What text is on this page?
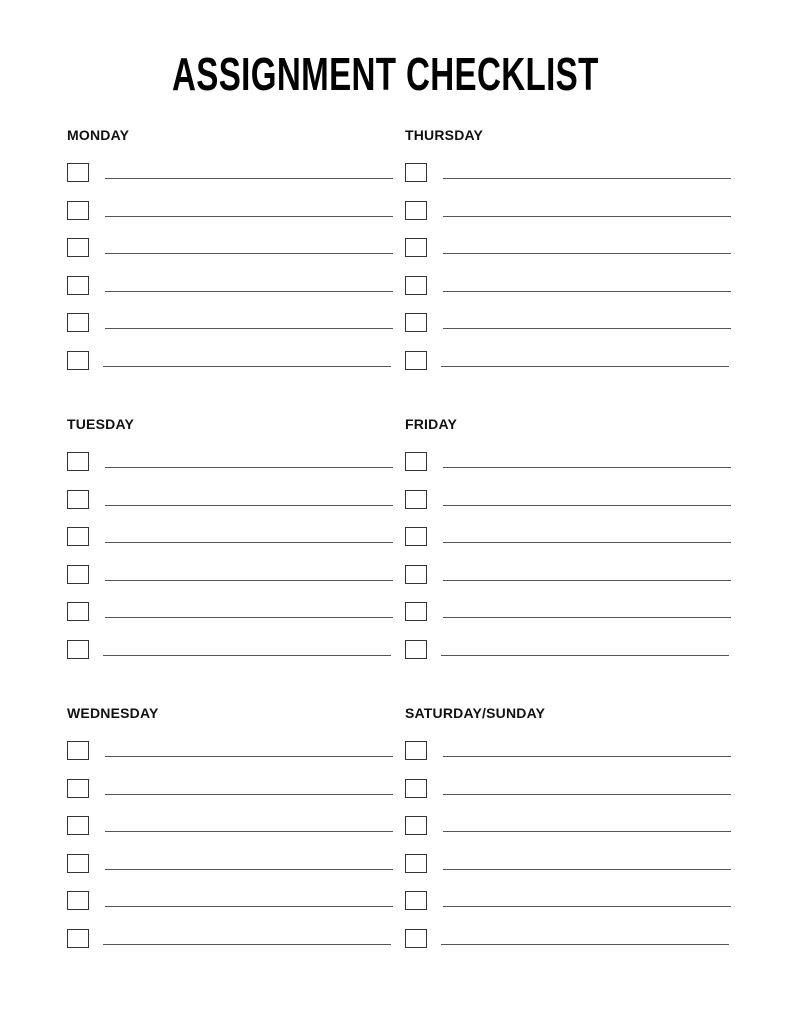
ASSIGNMENT CHECKLIST
MONDAY	THURSDAY
TUESDAY	FRIDAY
WEDNESDAY	SATURDAY/SUNDAY
